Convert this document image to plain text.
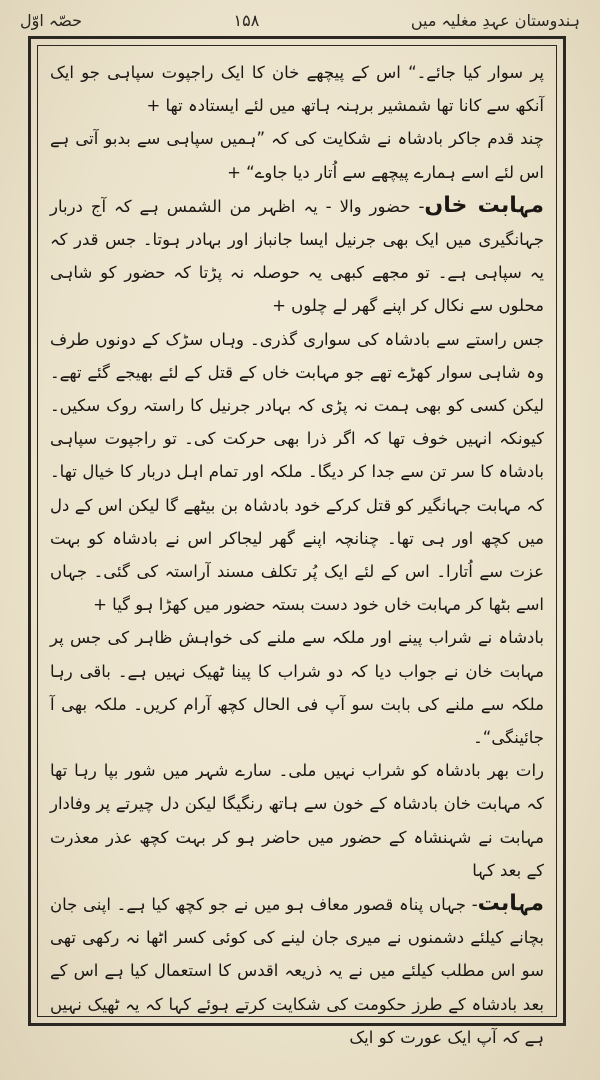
حصّہ اوّل	۱۵۸	ہندوستان عہدِ مغلیہ میں

پر سوار کیا جائے۔“ اس کے پیچھے خان کا ایک راجپوت سپاہی جو ایک آنکھ سے کانا تھا شمشیر برہنہ ہاتھ میں لئے ایستادہ تھا +

چند قدم جاکر بادشاہ نے شکایت کی کہ ”ہمیں سپاہی سے بدبو آتی ہے اس لئے اسے ہمارے پیچھے سے اُتار دیا جاوے“ +

مہابت خاں- حضور والا - یہ اظہر من الشمس ہے کہ آج دربار جہانگیری میں ایک بھی جرنیل ایسا جانباز اور بہادر ہوتا۔ جس قدر کہ یہ سپاہی ہے۔ تو مجھے کبھی یہ حوصلہ نہ پڑتا کہ حضور کو شاہی محلوں سے نکال کر اپنے گھر لے چلوں +

جس راستے سے بادشاہ کی سواری گذری۔ وہاں سڑک کے دونوں طرف وہ شاہی سوار کھڑے تھے جو مہابت خاں کے قتل کے لئے بھیجے گئے تھے۔ لیکن کسی کو بھی ہمت نہ پڑی کہ بہادر جرنیل کا راستہ روک سکیں۔ کیونکہ انہیں خوف تھا کہ اگر ذرا بھی حرکت کی۔ تو راجپوت سپاہی بادشاہ کا سر تن سے جدا کر دیگا۔ ملکہ اور تمام اہل دربار کا خیال تھا۔ کہ مہابت جہانگیر کو قتل کرکے خود بادشاہ بن بیٹھے گا لیکن اس کے دل میں کچھ اور ہی تھا۔ چنانچہ اپنے گھر لیجاکر اس نے بادشاہ کو بہت عزت سے اُتارا۔ اس کے لئے ایک پُر تکلف مسند آراستہ کی گئی۔ جہاں اسے بٹھا کر مہابت خاں خود دست بستہ حضور میں کھڑا ہو گیا +

بادشاہ نے شراب پینے اور ملکہ سے ملنے کی خواہش ظاہر کی جس پر مہابت خان نے جواب دیا کہ دو شراب کا پینا ٹھیک نہیں ہے۔ باقی رہا ملکہ سے ملنے کی بابت سو آپ فی الحال کچھ آرام کریں۔ ملکہ بھی آ جائینگی“۔

رات بھر بادشاہ کو شراب نہیں ملی۔ سارے شہر میں شور بپا رہا تھا کہ مہابت خان بادشاہ کے خون سے ہاتھ رنگیگا لیکن دل چیرتے پر وفادار مہابت نے شہنشاہ کے حضور میں حاضر ہو کر بہت کچھ عذر معذرت کے بعد کہا

مہابت- جہاں پناہ قصور معاف ہو میں نے جو کچھ کیا ہے۔ اپنی جان بچانے کیلئے دشمنوں نے میری جان لینے کی کوئی کسر اٹھا نہ رکھی تھی سو اس مطلب کیلئے میں نے یہ ذریعہ اقدس کا استعمال کیا ہے اس کے بعد بادشاہ کے طرز حکومت کی شکایت کرتے ہوئے کہا کہ یہ ٹھیک نہیں ہے کہ آپ ایک عورت کو ایک
